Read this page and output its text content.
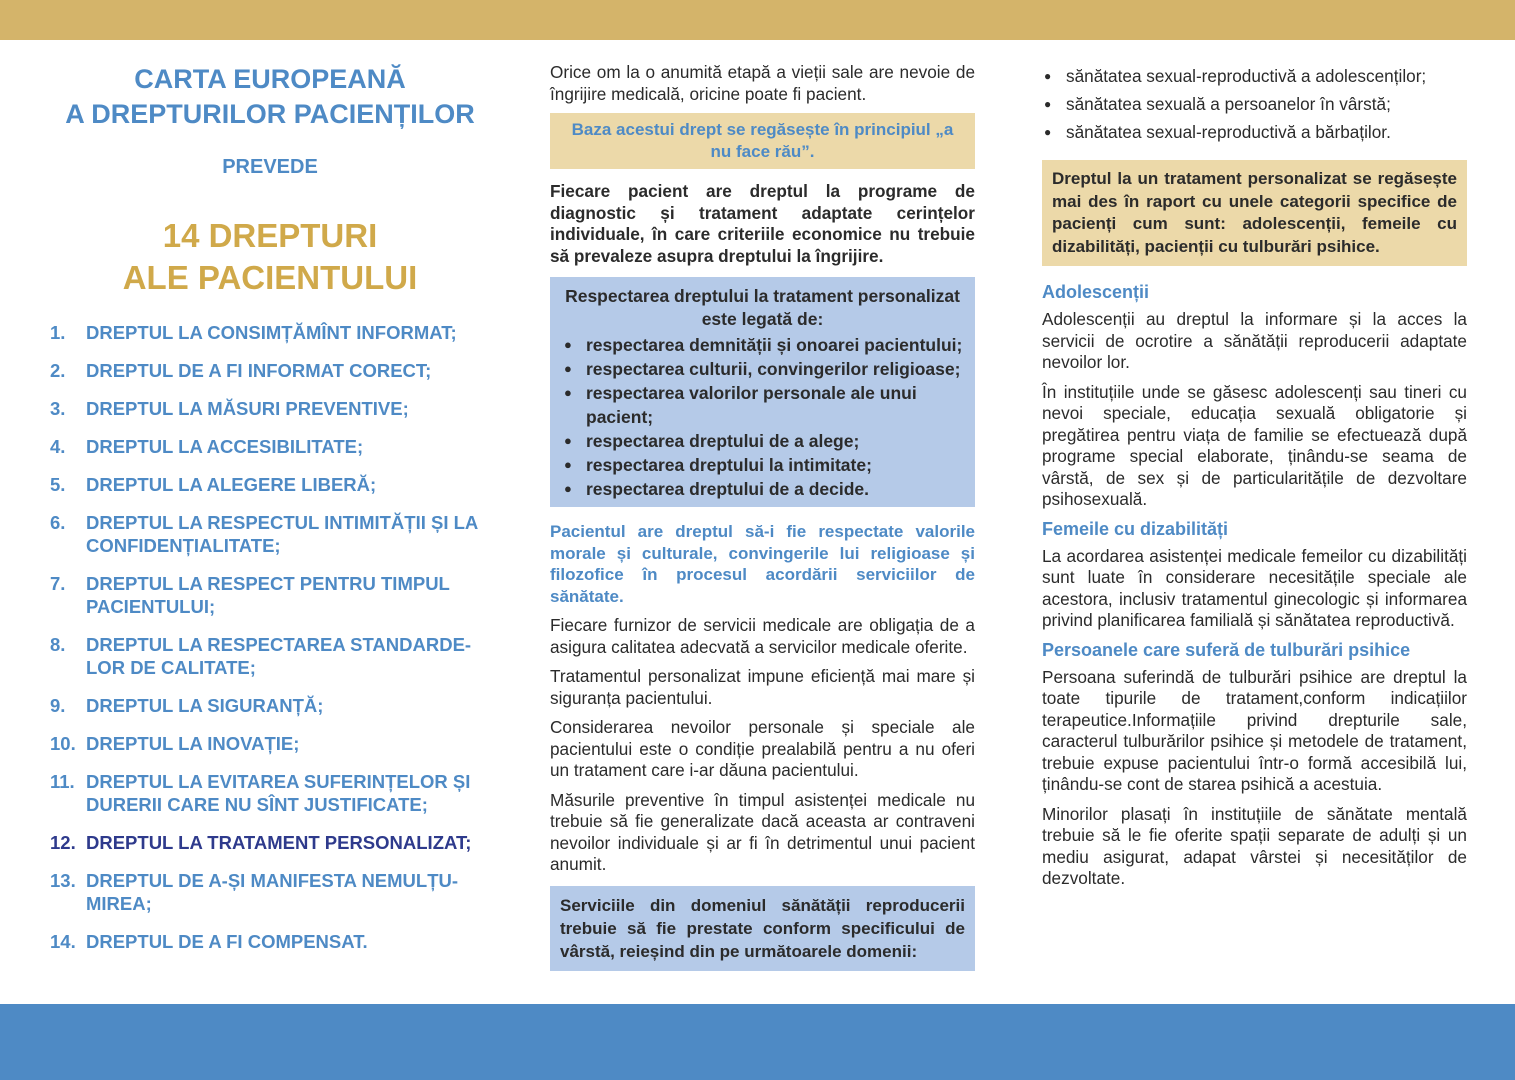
CARTA EUROPEANĂ
A DREPTURILOR PACIENȚILOR
PREVEDE
14 DREPTURI
ALE PACIENTULUI
1.	DREPTUL LA CONSIMȚĂMÎNT INFORMAT;
2.	DREPTUL DE A FI INFORMAT CORECT;
3.	DREPTUL LA MĂSURI PREVENTIVE;
4.	DREPTUL LA ACCESIBILITATE;
5.	DREPTUL LA ALEGERE LIBERĂ;
6.	DREPTUL LA RESPECTUL INTIMITĂȚII ȘI LA CONFIDENȚIALITATE;
7.	DREPTUL LA RESPECT PENTRU TIMPUL PACIENTULUI;
8.	DREPTUL LA RESPECTAREA STANDARDE-LOR DE CALITATE;
9.	DREPTUL LA SIGURANȚĂ;
10. DREPTUL LA INOVAȚIE;
11. DREPTUL LA EVITAREA SUFERINȚELOR ȘI DURERII CARE NU SÎNT JUSTIFICATE;
12. DREPTUL LA TRATAMENT PERSONALIZAT;
13. DREPTUL DE A-ȘI MANIFESTA NEMULȚU-MIREA;
14. DREPTUL DE A FI COMPENSAT.

Orice om la o anumită etapă a vieții sale are nevoie de îngrijire medicală, oricine poate fi pacient.

Baza acestui drept se regăsește în principiul „a nu face rău”.

Fiecare pacient are dreptul la programe de diagnostic și tratament adaptate cerințelor individuale, în care criteriile economice nu trebuie să prevaleze asupra dreptului la îngrijire.

Respectarea dreptului la tratament personalizat este legată de:
● respectarea demnității și onoarei pacientului;
● respectarea culturii, convingerilor religioase;
● respectarea valorilor personale ale unui pacient;
● respectarea dreptului de a alege;
● respectarea dreptului la intimitate;
● respectarea dreptului de a decide.

Pacientul are dreptul să-i fie respectate valorile morale și culturale, convingerile lui religioase și filozofice în procesul acordării serviciilor de sănătate.

Fiecare furnizor de servicii medicale are obligația de a asigura calitatea adecvată a servicilor medicale oferite.

Tratamentul personalizat impune eficiență mai mare și siguranța pacientului.

Considerarea nevoilor personale și speciale ale pacientului este o condiție prealabilă pentru a nu oferi un tratament care i-ar dăuna pacientului.

Măsurile preventive în timpul asistenței medicale nu trebuie să fie generalizate dacă aceasta ar contraveni nevoilor individuale și ar fi în detrimentul unui pacient anumit.

Serviciile din domeniul sănătății reproducerii trebuie să fie prestate conform specificului de vârstă, reieșind din pe următoarele domenii:
● sănătatea sexual-reproductivă a adolescenților;
● sănătatea sexuală a persoanelor în vârstă;
● sănătatea sexual-reproductivă a bărbaților.
Dreptul la un tratament personalizat se regăsește mai des în raport cu unele categorii specifice de pacienți cum sunt: adolescenții, femeile cu dizabilități, pacienții cu tulburări psihice.
Adolescenții

Adolescenții au dreptul la informare și la acces la servicii de ocrotire a sănătății reproducerii adaptate nevoilor lor.

În instituțiile unde se găsesc adolescenți sau tineri cu nevoi speciale, educația sexuală obligatorie și pregătirea pentru viața de familie se efectuează după programe special elaborate, ținându-se seama de vârstă, de sex și de particularitățile de dezvoltare psihosexuală.

Femeile cu dizabilități

La acordarea asistenței medicale femeilor cu dizabilități sunt luate în considerare necesitățile speciale ale acestora, inclusiv tratamentul ginecologic și informarea privind planificarea familială și sănătatea reproductivă.

Persoanele care suferă de tulburări psihice

Persoana suferindă de tulburări psihice are dreptul la toate tipurile de tratament,conform indicațiilor terapeutice.Informațiile privind drepturile sale, caracterul tulburărilor psihice și metodele de tratament, trebuie expuse pacientului într-o formă accesibilă lui, ținându-se cont de starea psihică a acestuia.

Minorilor plasați în instituțiile de sănătate mentală trebuie să le fie oferite spații separate de adulți și un mediu asigurat, adapat vârstei și necesităților de dezvoltate.
